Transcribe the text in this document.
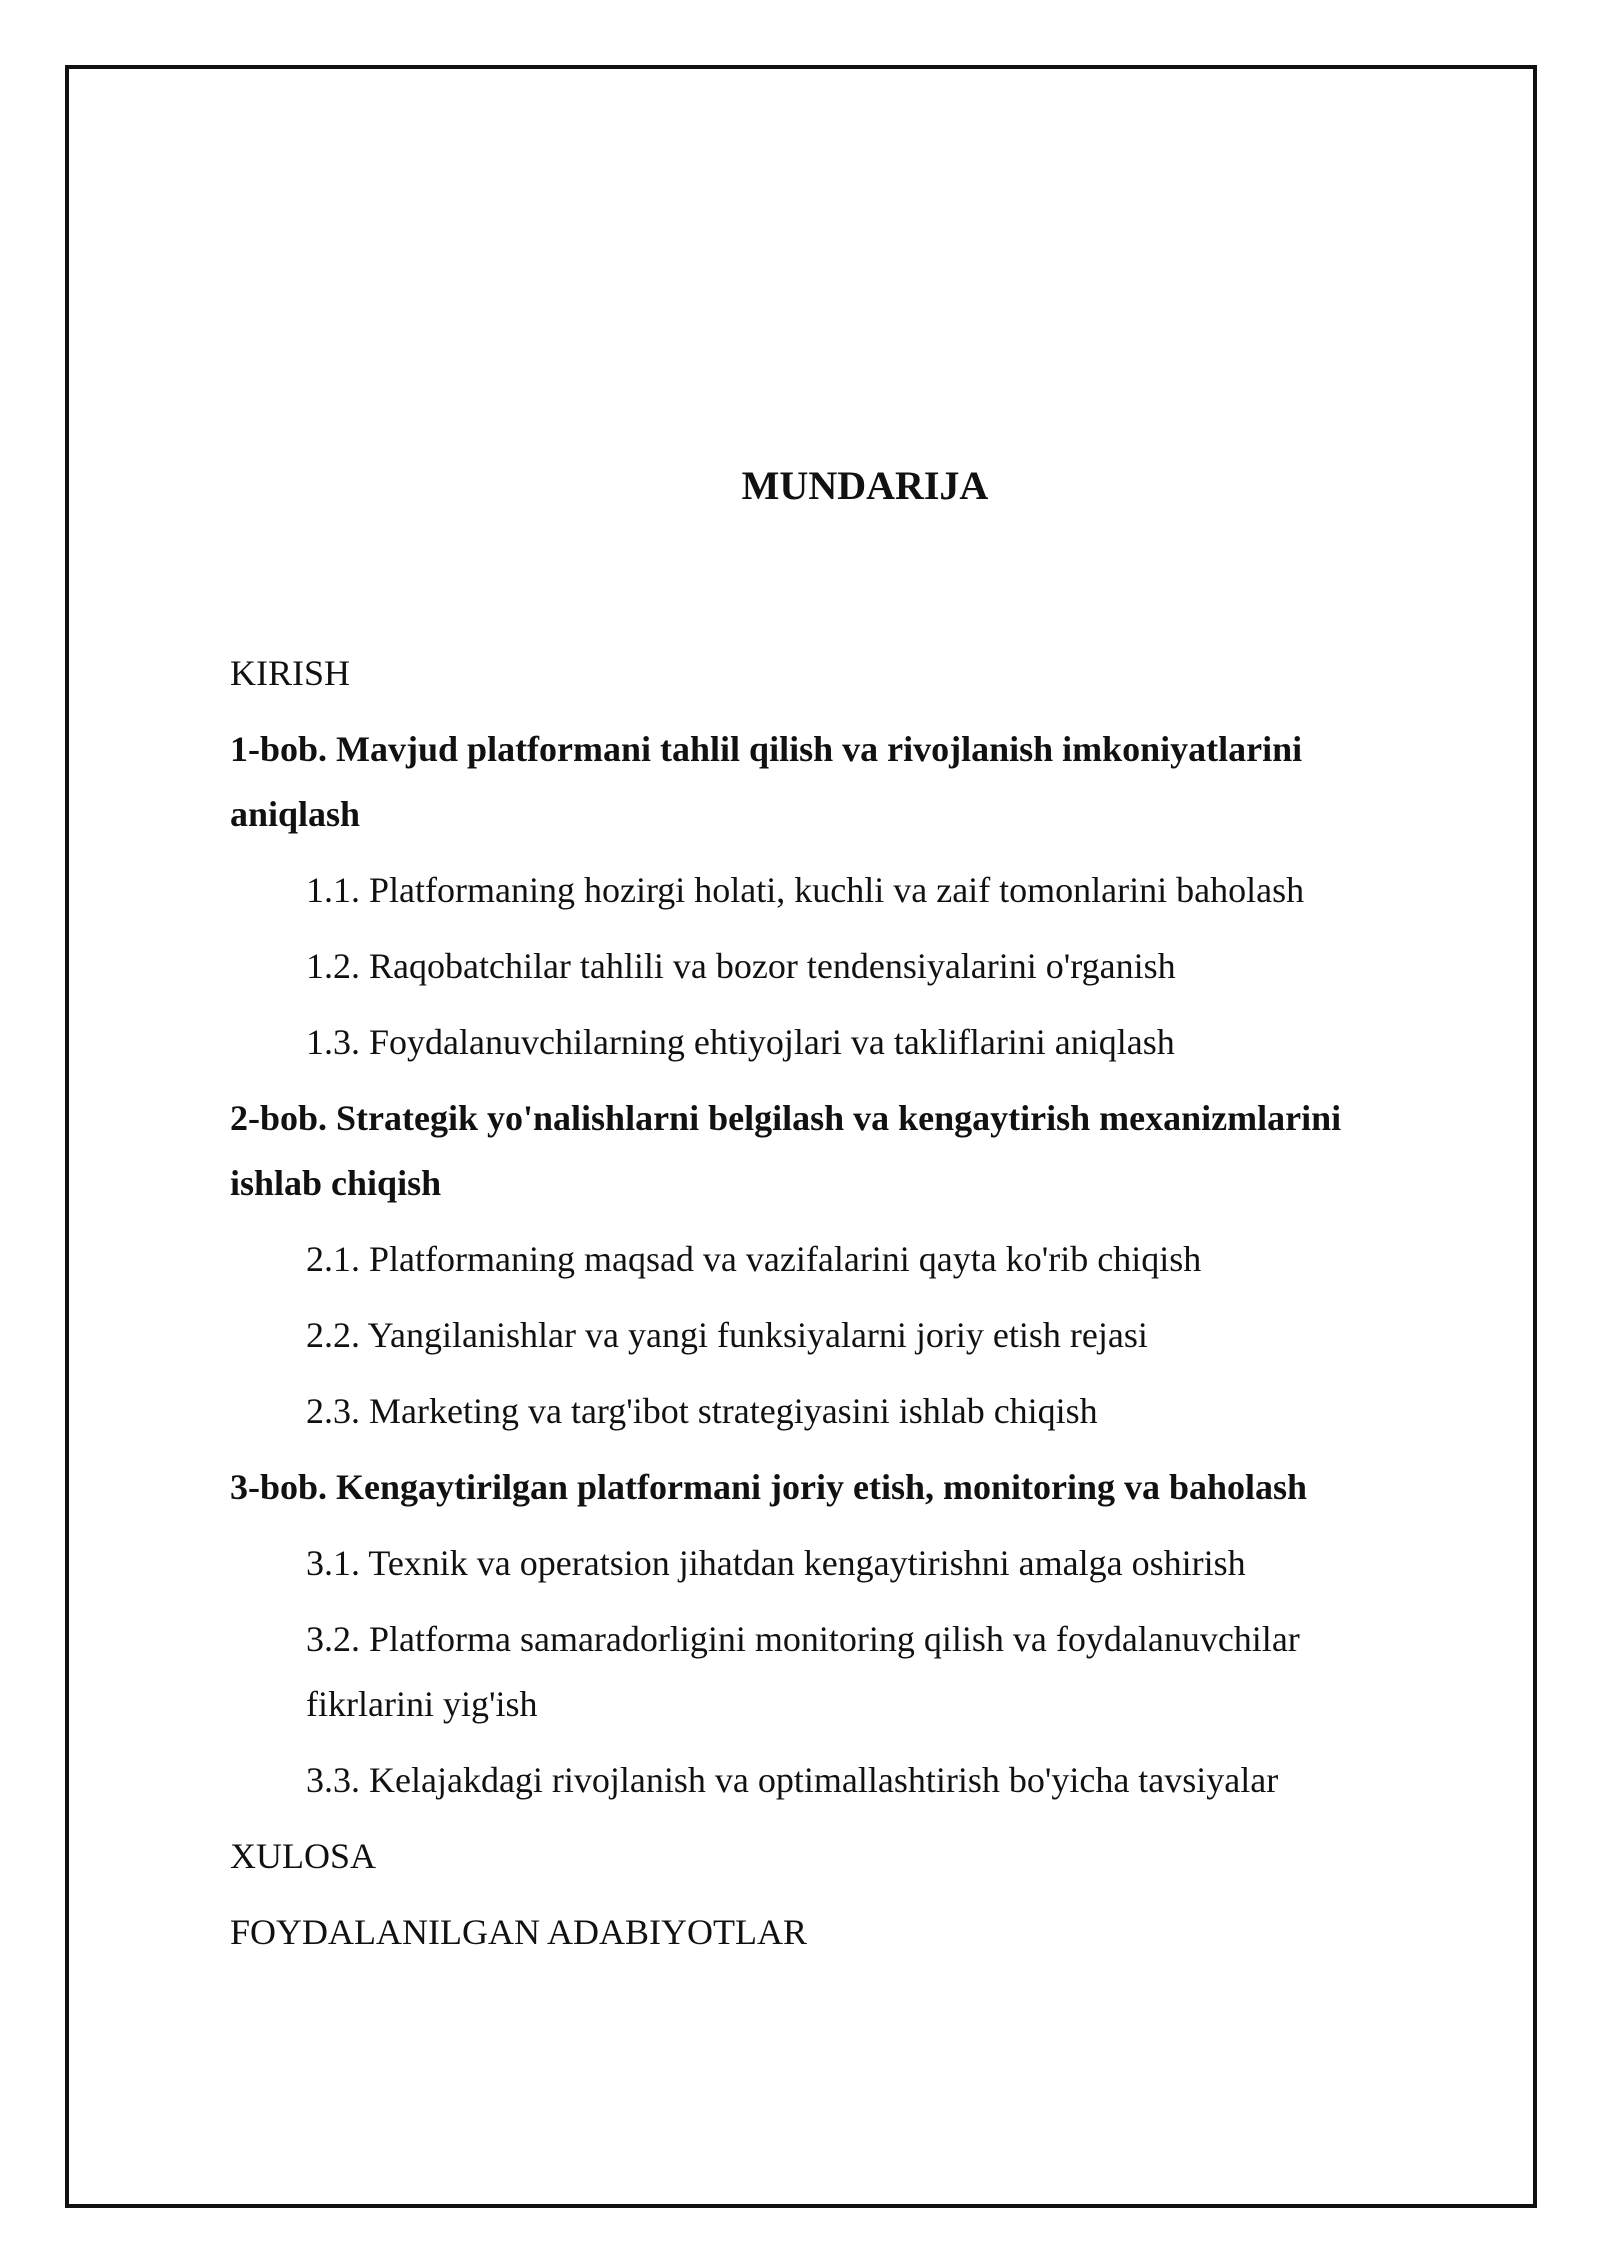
MUNDARIJA
KIRISH
1-bob. Mavjud platformani tahlil qilish va rivojlanish imkoniyatlarini aniqlash
1.1. Platformaning hozirgi holati, kuchli va zaif tomonlarini baholash
1.2. Raqobatchilar tahlili va bozor tendensiyalarini o'rganish
1.3. Foydalanuvchilarning ehtiyojlari va takliflarini aniqlash
2-bob. Strategik yo'nalishlarni belgilash va kengaytirish mexanizmlarini ishlab chiqish
2.1. Platformaning maqsad va vazifalarini qayta ko'rib chiqish
2.2. Yangilanishlar va yangi funksiyalarni joriy etish rejasi
2.3. Marketing va targ'ibot strategiyasini ishlab chiqish
3-bob. Kengaytirilgan platformani joriy etish, monitoring va baholash
3.1. Texnik va operatsion jihatdan kengaytirishni amalga oshirish
3.2. Platforma samaradorligini monitoring qilish va foydalanuvchilar fikrlarini yig'ish
3.3. Kelajakdagi rivojlanish va optimallashtirish bo'yicha tavsiyalar
XULOSA
FOYDALANILGAN ADABIYOTLAR
